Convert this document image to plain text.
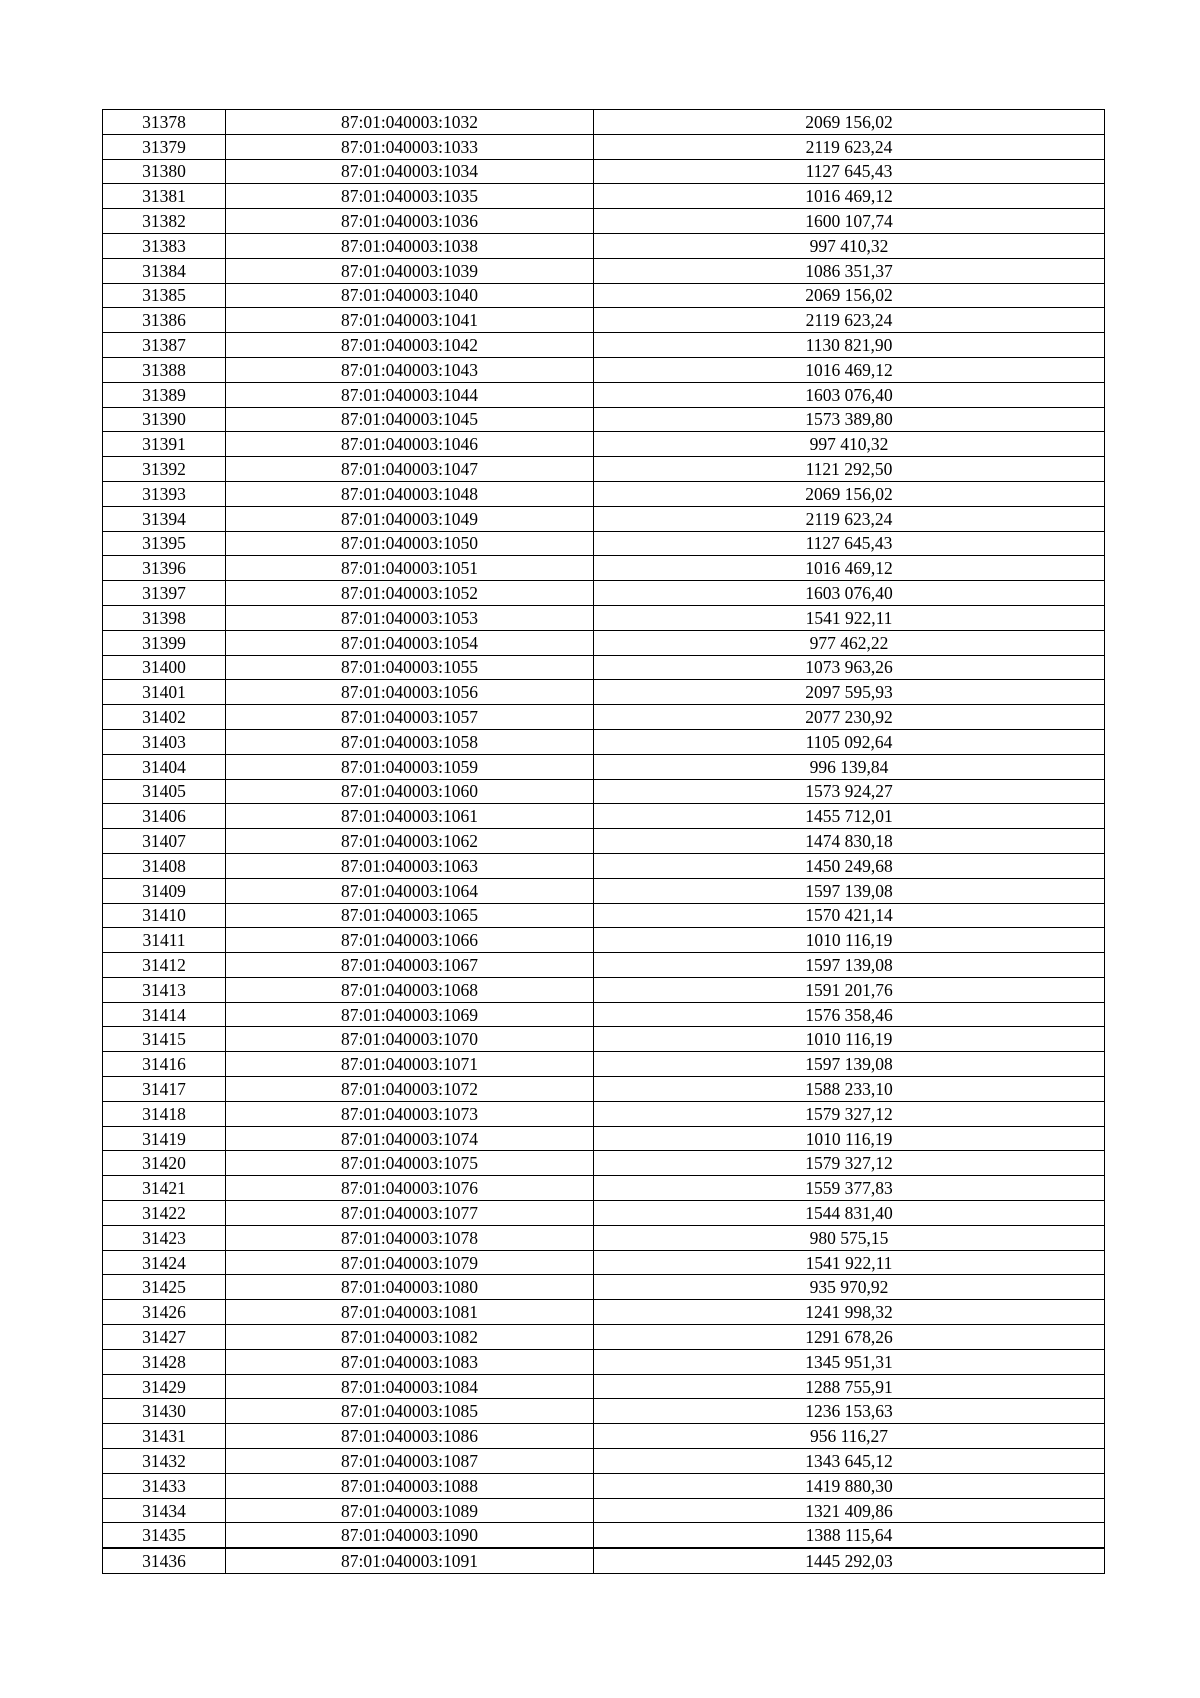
31378	87:01:040003:1032	2069 156,02
31379	87:01:040003:1033	2119 623,24
31380	87:01:040003:1034	1127 645,43
31381	87:01:040003:1035	1016 469,12
31382	87:01:040003:1036	1600 107,74
31383	87:01:040003:1038	997 410,32
31384	87:01:040003:1039	1086 351,37
31385	87:01:040003:1040	2069 156,02
31386	87:01:040003:1041	2119 623,24
31387	87:01:040003:1042	1130 821,90
31388	87:01:040003:1043	1016 469,12
31389	87:01:040003:1044	1603 076,40
31390	87:01:040003:1045	1573 389,80
31391	87:01:040003:1046	997 410,32
31392	87:01:040003:1047	1121 292,50
31393	87:01:040003:1048	2069 156,02
31394	87:01:040003:1049	2119 623,24
31395	87:01:040003:1050	1127 645,43
31396	87:01:040003:1051	1016 469,12
31397	87:01:040003:1052	1603 076,40
31398	87:01:040003:1053	1541 922,11
31399	87:01:040003:1054	977 462,22
31400	87:01:040003:1055	1073 963,26
31401	87:01:040003:1056	2097 595,93
31402	87:01:040003:1057	2077 230,92
31403	87:01:040003:1058	1105 092,64
31404	87:01:040003:1059	996 139,84
31405	87:01:040003:1060	1573 924,27
31406	87:01:040003:1061	1455 712,01
31407	87:01:040003:1062	1474 830,18
31408	87:01:040003:1063	1450 249,68
31409	87:01:040003:1064	1597 139,08
31410	87:01:040003:1065	1570 421,14
31411	87:01:040003:1066	1010 116,19
31412	87:01:040003:1067	1597 139,08
31413	87:01:040003:1068	1591 201,76
31414	87:01:040003:1069	1576 358,46
31415	87:01:040003:1070	1010 116,19
31416	87:01:040003:1071	1597 139,08
31417	87:01:040003:1072	1588 233,10
31418	87:01:040003:1073	1579 327,12
31419	87:01:040003:1074	1010 116,19
31420	87:01:040003:1075	1579 327,12
31421	87:01:040003:1076	1559 377,83
31422	87:01:040003:1077	1544 831,40
31423	87:01:040003:1078	980 575,15
31424	87:01:040003:1079	1541 922,11
31425	87:01:040003:1080	935 970,92
31426	87:01:040003:1081	1241 998,32
31427	87:01:040003:1082	1291 678,26
31428	87:01:040003:1083	1345 951,31
31429	87:01:040003:1084	1288 755,91
31430	87:01:040003:1085	1236 153,63
31431	87:01:040003:1086	956 116,27
31432	87:01:040003:1087	1343 645,12
31433	87:01:040003:1088	1419 880,30
31434	87:01:040003:1089	1321 409,86
31435	87:01:040003:1090	1388 115,64
31436	87:01:040003:1091	1445 292,03
